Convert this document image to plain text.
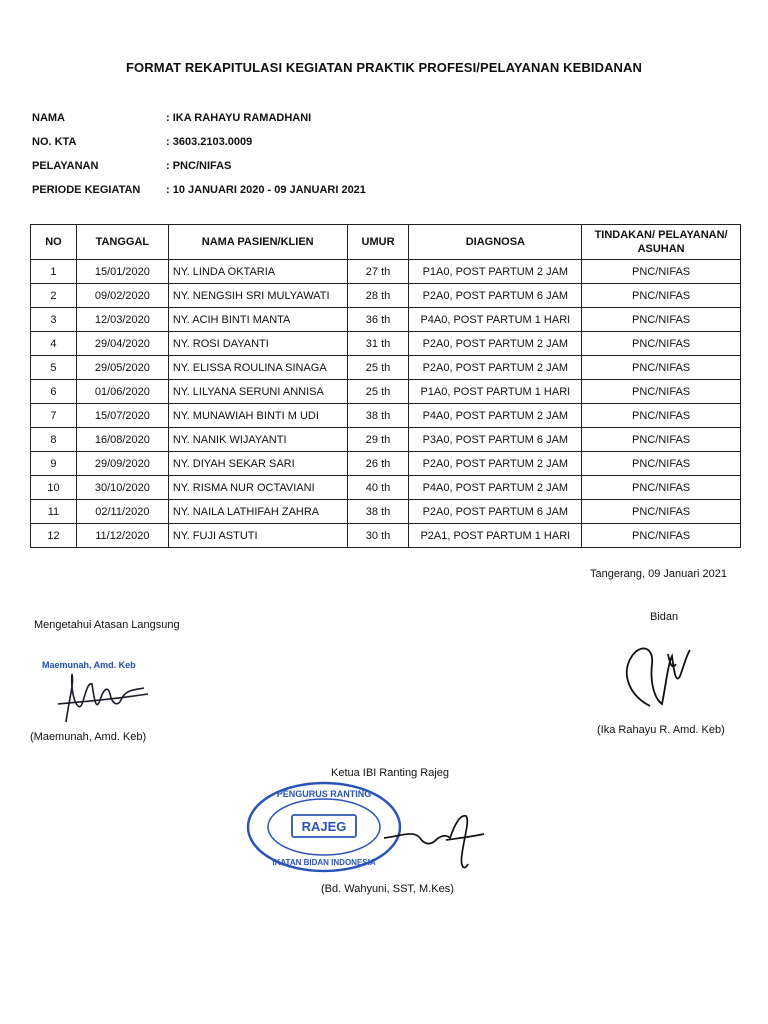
FORMAT REKAPITULASI KEGIATAN PRAKTIK PROFESI/PELAYANAN KEBIDANAN
NAMA	: IKA RAHAYU RAMADHANI
NO. KTA	: 3603.2103.0009
PELAYANAN	: PNC/NIFAS
PERIODE KEGIATAN	: 10 JANUARI 2020 - 09 JANUARI 2021
NO	TANGGAL	NAMA PASIEN/KLIEN	UMUR	DIAGNOSA	TINDAKAN/ PELAYANAN/
ASUHAN

1	15/01/2020	NY. LINDA OKTARIA	27 th	P1A0, POST PARTUM 2 JAM	PNC/NIFAS
2	09/02/2020	NY. NENGSIH SRI MULYAWATI	28 th	P2A0, POST PARTUM 6 JAM	PNC/NIFAS
3	12/03/2020	NY. ACIH BINTI MANTA	36 th	P4A0, POST PARTUM 1 HARI	PNC/NIFAS
4	29/04/2020	NY. ROSI DAYANTI	31 th	P2A0, POST PARTUM 2 JAM	PNC/NIFAS
5	29/05/2020	NY. ELISSA ROULINA SINAGA	25 th	P2A0, POST PARTUM 2 JAM	PNC/NIFAS
6	01/06/2020	NY. LILYANA SERUNI ANNISA	25 th	P1A0, POST PARTUM 1 HARI	PNC/NIFAS
7	15/07/2020	NY. MUNAWIAH BINTI M UDI	38 th	P4A0, POST PARTUM 2 JAM	PNC/NIFAS
8	16/08/2020	NY. NANIK WIJAYANTI	29 th	P3A0, POST PARTUM 6 JAM	PNC/NIFAS
9	29/09/2020	NY. DIYAH SEKAR SARI	26 th	P2A0, POST PARTUM 2 JAM	PNC/NIFAS
10	30/10/2020	NY. RISMA NUR OCTAVIANI	40 th	P4A0, POST PARTUM 2 JAM	PNC/NIFAS
11	02/11/2020	NY. NAILA LATHIFAH ZAHRA	38 th	P2A0, POST PARTUM 6 JAM	PNC/NIFAS
12	11/12/2020	NY. FUJI ASTUTI	30 th	P2A1, POST PARTUM 1 HARI	PNC/NIFAS
Tangerang, 09 Januari 2021
Mengetahui Atasan Langsung
Maemunah, Amd. Keb
(Maemunah, Amd. Keb)
Bidan
(Ika Rahayu R. Amd. Keb)
Ketua IBI Ranting Rajeg
RAJEG
PENGURUS RANTING
IKATAN BIDAN INDONESIA
(Bd. Wahyuni, SST, M.Kes)
